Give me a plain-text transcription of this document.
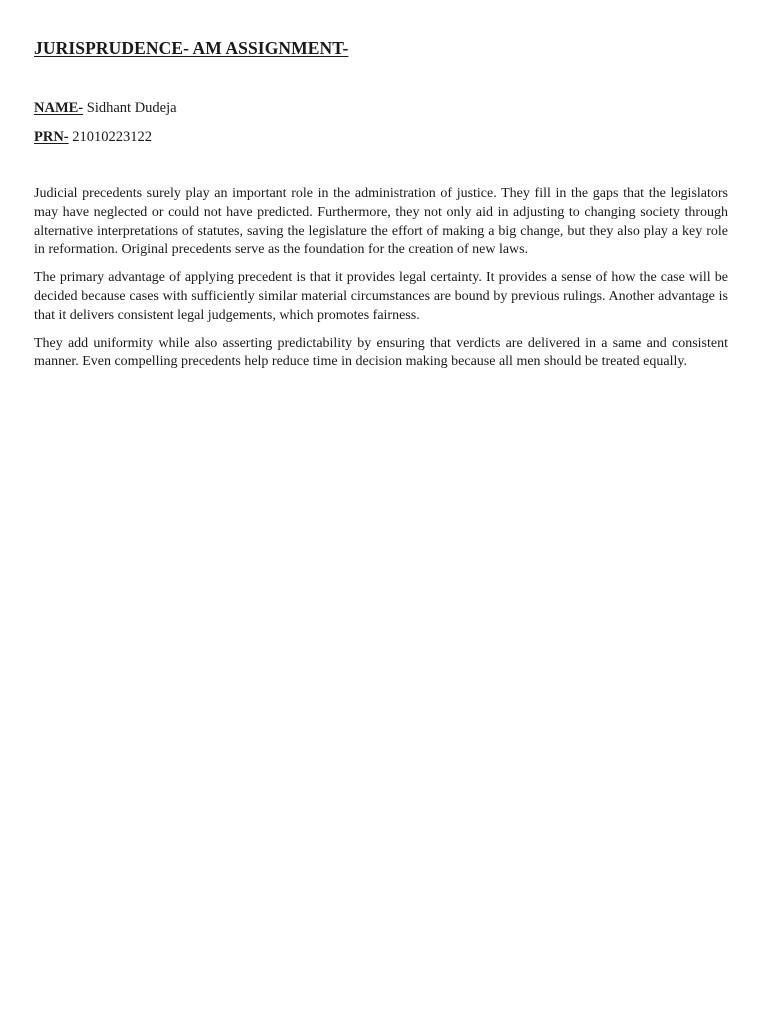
JURISPRUDENCE- AM ASSIGNMENT-

NAME- Sidhant Dudeja

PRN- 21010223122

Judicial precedents surely play an important role in the administration of justice. They fill in the gaps that the legislators may have neglected or could not have predicted. Furthermore, they not only aid in adjusting to changing society through alternative interpretations of statutes, saving the legislature the effort of making a big change, but they also play a key role in reformation. Original precedents serve as the foundation for the creation of new laws.

The primary advantage of applying precedent is that it provides legal certainty. It provides a sense of how the case will be decided because cases with sufficiently similar material circumstances are bound by previous rulings. Another advantage is that it delivers consistent legal judgements, which promotes fairness.

They add uniformity while also asserting predictability by ensuring that verdicts are delivered in a same and consistent manner. Even compelling precedents help reduce time in decision making because all men should be treated equally.
